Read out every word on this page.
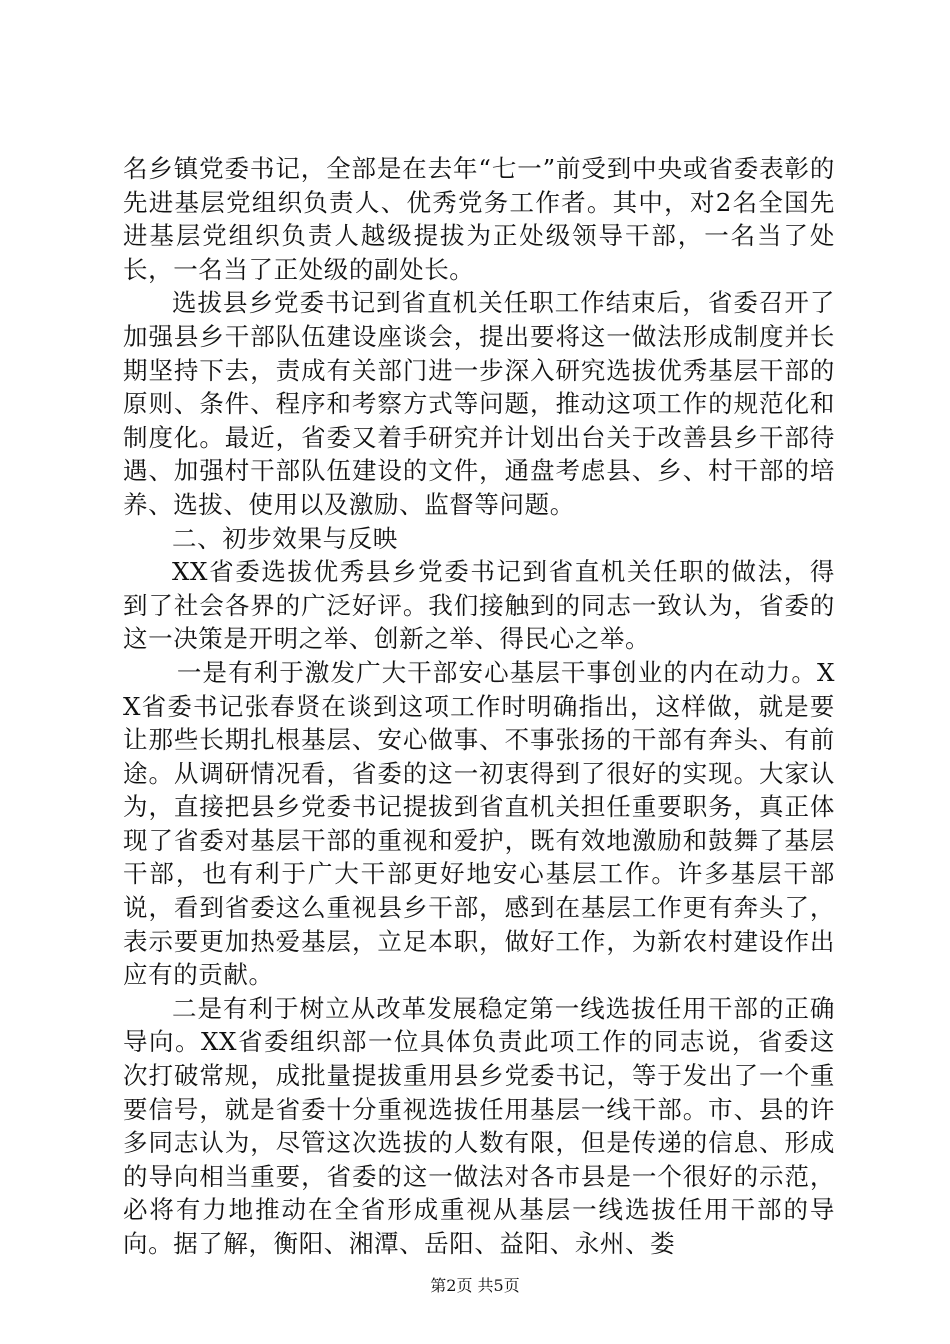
名乡镇党委书记，全部是在去年“七一”前受到中央或省委表彰的先进基层党组织负责人、优秀党务工作者。其中，对2名全国先进基层党组织负责人越级提拔为正处级领导干部，一名当了处长，一名当了正处级的副处长。

选拔县乡党委书记到省直机关任职工作结束后，省委召开了加强县乡干部队伍建设座谈会，提出要将这一做法形成制度并长期坚持下去，责成有关部门进一步深入研究选拔优秀基层干部的原则、条件、程序和考察方式等问题，推动这项工作的规范化和制度化。最近，省委又着手研究并计划出台关于改善县乡干部待遇、加强村干部队伍建设的文件，通盘考虑县、乡、村干部的培养、选拔、使用以及激励、监督等问题。

二、初步效果与反映

XX省委选拔优秀县乡党委书记到省直机关任职的做法，得到了社会各界的广泛好评。我们接触到的同志一致认为，省委的这一决策是开明之举、创新之举、得民心之举。

一是有利于激发广大干部安心基层干事创业的内在动力。XX省委书记张春贤在谈到这项工作时明确指出，这样做，就是要让那些长期扎根基层、安心做事、不事张扬的干部有奔头、有前途。从调研情况看，省委的这一初衷得到了很好的实现。大家认为，直接把县乡党委书记提拔到省直机关担任重要职务，真正体现了省委对基层干部的重视和爱护，既有效地激励和鼓舞了基层干部，也有利于广大干部更好地安心基层工作。许多基层干部说，看到省委这么重视县乡干部，感到在基层工作更有奔头了，表示要更加热爱基层，立足本职，做好工作，为新农村建设作出应有的贡献。

二是有利于树立从改革发展稳定第一线选拔任用干部的正确导向。XX省委组织部一位具体负责此项工作的同志说，省委这次打破常规，成批量提拔重用县乡党委书记，等于发出了一个重要信号，就是省委十分重视选拔任用基层一线干部。市、县的许多同志认为，尽管这次选拔的人数有限，但是传递的信息、形成的导向相当重要，省委的这一做法对各市县是一个很好的示范，必将有力地推动在全省形成重视从基层一线选拔任用干部的导向。据了解，衡阳、湘潭、岳阳、益阳、永州、娄

第2页 共5页
